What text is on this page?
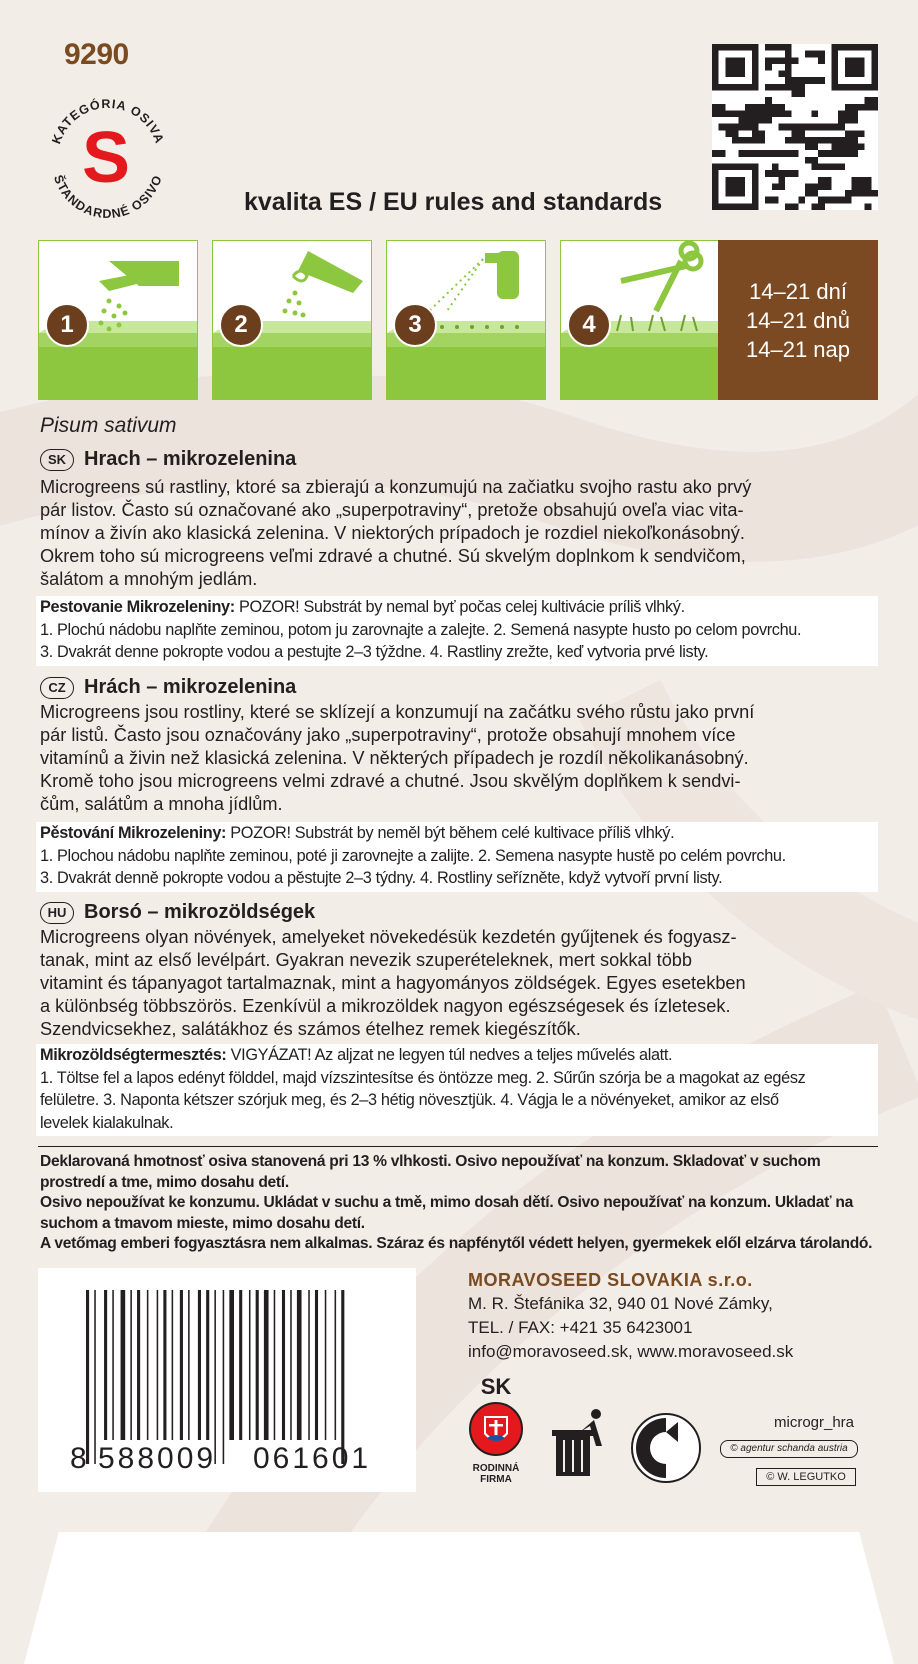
9290
KATEGÓRIA OSIVA
ŠTANDARDNÉ OSIVO
S
kvalita ES / EU rules and standards
1	2	3	4
14–21 dní
14–21 dnů
14–21 nap
Pisum sativum
SK Hrach – mikrozelenina
Microgreens sú rastliny, ktoré sa zbierajú a konzumujú na začiatku svojho rastu ako prvý
pár listov. Často sú označované ako „superpotraviny“, pretože obsahujú oveľa viac vita-
mínov a živín ako klasická zelenina. V niektorých prípadoch je rozdiel niekoľkonásobný.
Okrem toho sú microgreens veľmi zdravé a chutné. Sú skvelým doplnkom k sendvičom,
šalátom a mnohým jedlám.

Pestovanie Mikrozeleniny: POZOR! Substrát by nemal byť počas celej kultivácie príliš vlhký.

1. Plochú nádobu naplňte zeminou, potom ju zarovnajte a zalejte. 2. Semená nasypte husto po celom povrchu.

3. Dvakrát denne pokropte vodou a pestujte 2–3 týždne. 4. Rastliny zrežte, keď vytvoria prvé listy.

CZ Hrách – mikrozelenina
Microgreens jsou rostliny, které se sklízejí a konzumují na začátku svého růstu jako první
pár listů. Často jsou označovány jako „superpotraviny“, protože obsahují mnohem více
vitamínů a živin než klasická zelenina. V některých případech je rozdíl několikanásobný.
Kromě toho jsou microgreens velmi zdravé a chutné. Jsou skvělým doplňkem k sendvi-
čům, salátům a mnoha jídlům.

Pěstování Mikrozeleniny: POZOR! Substrát by neměl být během celé kultivace příliš vlhký.

1. Plochou nádobu naplňte zeminou, poté ji zarovnejte a zalijte. 2. Semena nasypte hustě po celém povrchu.

3. Dvakrát denně pokropte vodou a pěstujte 2–3 týdny. 4. Rostliny seřízněte, když vytvoří první listy.

HU Borsó – mikrozöldségek
Microgreens olyan növények, amelyeket növekedésük kezdetén gyűjtenek és fogyasz-
tanak, mint az első levélpárt. Gyakran nevezik szuperételeknek, mert sokkal több
vitamint és tápanyagot tartalmaznak, mint a hagyományos zöldségek. Egyes esetekben
a különbség többszörös. Ezenkívül a mikrozöldek nagyon egészségesek és ízletesek.
Szendvicsekhez, salátákhoz és számos ételhez remek kiegészítők.

Mikrozöldségtermesztés: VIGYÁZAT! Az aljzat ne legyen túl nedves a teljes művelés alatt.

1. Töltse fel a lapos edényt földdel, majd vízszintesítse és öntözze meg. 2. Sűrűn szórja be a magokat az egész

felületre. 3. Naponta kétszer szórjuk meg, és 2–3 hétig növesztjük. 4. Vágja le a növényeket, amikor az első

levelek kialakulnak.

Deklarovaná hmotnosť osiva stanovená pri 13 % vlhkosti. Osivo nepoužívať na konzum. Skladovať v suchom

prostredí a tme, mimo dosahu detí.

Osivo nepoužívat ke konzumu. Ukládat v suchu a tmě, mimo dosah dětí. Osivo nepoužívať na konzum. Ukladať na

suchom a tmavom mieste, mimo dosahu detí.

A vetőmag emberi fogyasztásra nem alkalmas. Száraz és napfénytől védett helyen, gyermekek elől elzárva tárolandó.

8 588009 061601
MORAVOSEED SLOVAKIA s.r.o.
M. R. Štefánika 32, 940 01 Nové Zámky,
TEL. / FAX: +421 35 6423001
info@moravoseed.sk, www.moravoseed.sk
SK
RODINNÁ
FIRMA
microgr_hra
© agentur schanda austria
© W. LEGUTKO
